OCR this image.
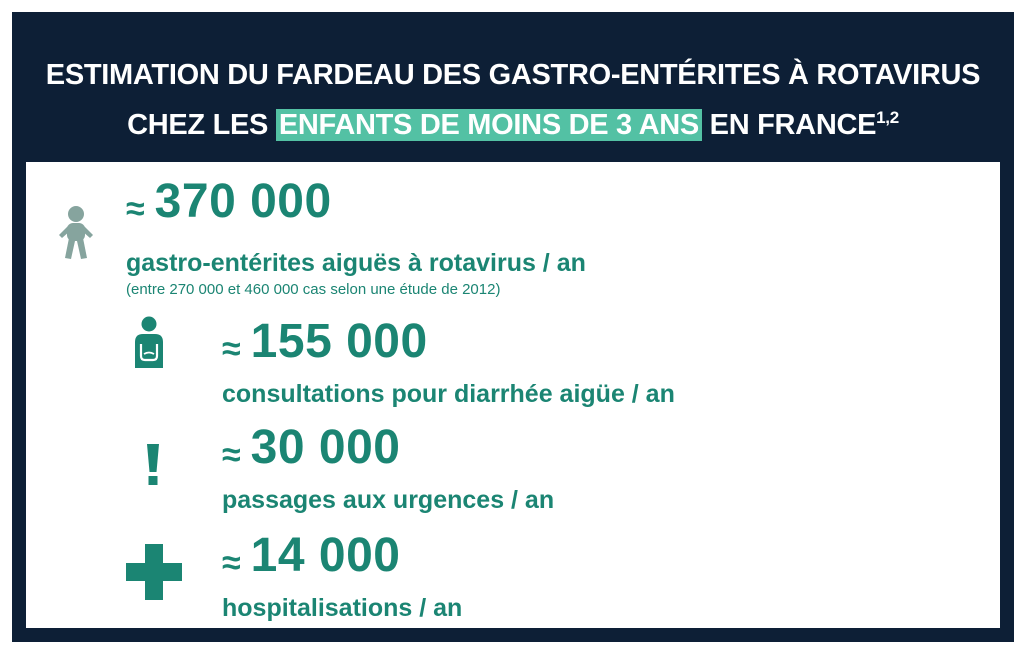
ESTIMATION DU FARDEAU DES GASTRO-ENTÉRITES À ROTAVIRUS
CHEZ LES ENFANTS DE MOINS DE 3 ANS EN FRANCE$^{1,2}$
≈ 370 000
gastro-entérites aiguës à rotavirus / an
(entre 270 000 et 460 000 cas selon une étude de 2012)
≈ 155 000
consultations pour diarrhée aigüe / an
≈ 30 000
passages aux urgences / an
≈ 14 000
hospitalisations / an
